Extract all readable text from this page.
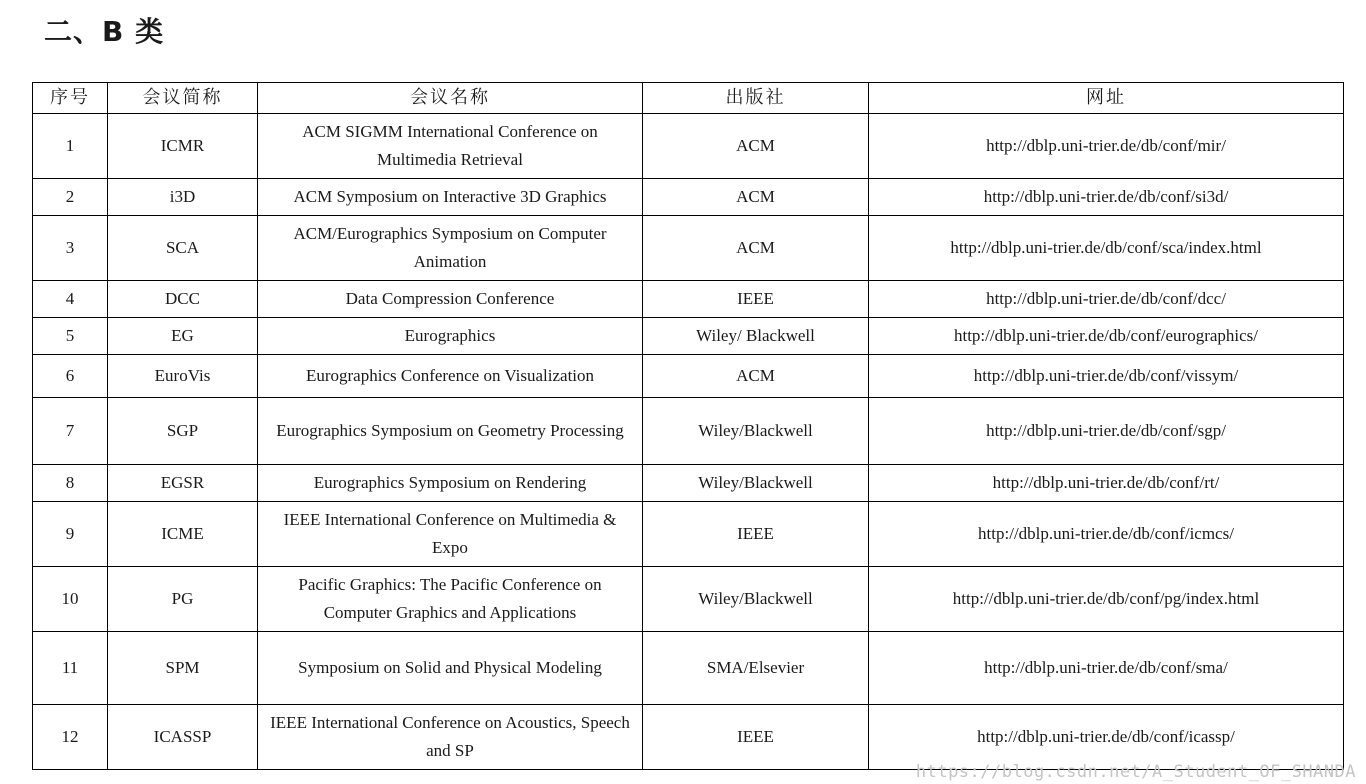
二、B 类
序号	会议简称	会议名称	出版社	网址
1	ICMR	ACM SIGMM International Conference on Multimedia Retrieval	ACM	http://dblp.uni-trier.de/db/conf/mir/
2	i3D	ACM Symposium on Interactive 3D Graphics	ACM	http://dblp.uni-trier.de/db/conf/si3d/
3	SCA	ACM/Eurographics Symposium on Computer Animation	ACM	http://dblp.uni-trier.de/db/conf/sca/index.html
4	DCC	Data Compression Conference	IEEE	http://dblp.uni-trier.de/db/conf/dcc/
5	EG	Eurographics	Wiley/ Blackwell	http://dblp.uni-trier.de/db/conf/eurographics/
6	EuroVis	Eurographics Conference on Visualization	ACM	http://dblp.uni-trier.de/db/conf/vissym/
7	SGP	Eurographics Symposium on Geometry Processing	Wiley/Blackwell	http://dblp.uni-trier.de/db/conf/sgp/
8	EGSR	Eurographics Symposium on Rendering	Wiley/Blackwell	http://dblp.uni-trier.de/db/conf/rt/
9	ICME	IEEE International Conference on Multimedia & Expo	IEEE	http://dblp.uni-trier.de/db/conf/icmcs/
10	PG	Pacific Graphics: The Pacific Conference on Computer Graphics and Applications	Wiley/Blackwell	http://dblp.uni-trier.de/db/conf/pg/index.html
11	SPM	Symposium on Solid and Physical Modeling	SMA/Elsevier	http://dblp.uni-trier.de/db/conf/sma/
12	ICASSP	IEEE International Conference on Acoustics, Speech and SP	IEEE	http://dblp.uni-trier.de/db/conf/icassp/
https://blog.csdn.net/A_Student_OF_SHANDA
